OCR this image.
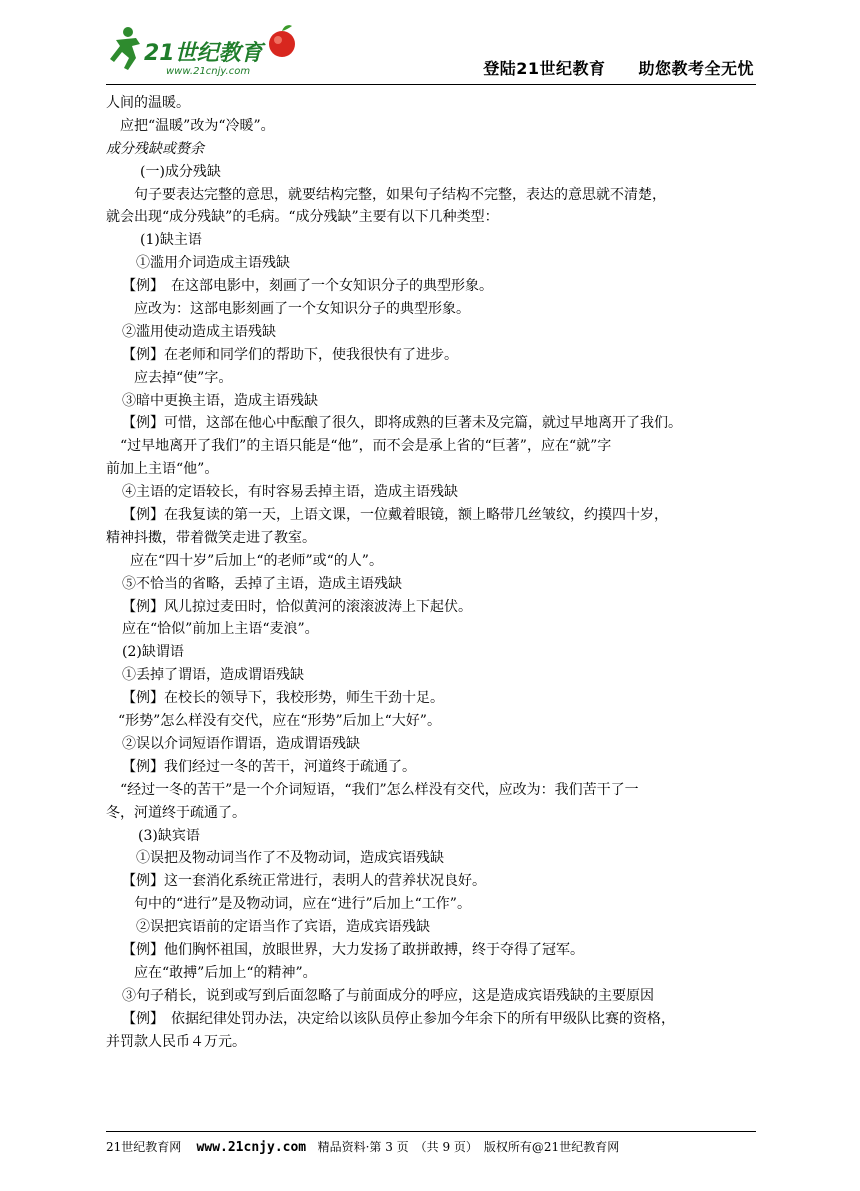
21世纪教育
www.21cnjy.com	登陆21世纪教育　　助您教考全无忧
人间的温暖。
应把“温暖”改为“冷暖”。
成分残缺或赘余
(一)成分残缺
句子要表达完整的意思，就要结构完整，如果句子结构不完整，表达的意思就不清楚，
就会出现“成分残缺”的毛病。“成分残缺”主要有以下几种类型：
(1)缺主语
①滥用介词造成主语残缺
【例】　在这部电影中，刻画了一个女知识分子的典型形象。
应改为：这部电影刻画了一个女知识分子的典型形象。
②滥用使动造成主语残缺
【例】在老师和同学们的帮助下，使我很快有了进步。
应去掉“使”字。
③暗中更换主语，造成主语残缺
【例】可惜，这部在他心中酝酿了很久，即将成熟的巨著未及完篇，就过早地离开了我们。
“过早地离开了我们”的主语只能是“他”，而不会是承上省的“巨著”，应在“就”字
前加上主语“他”。
④主语的定语较长，有时容易丢掉主语，造成主语残缺
【例】在我复读的第一天，上语文课，一位戴着眼镜，额上略带几丝皱纹，约摸四十岁，
精神抖擞，带着微笑走进了教室。
应在“四十岁”后加上“的老师”或“的人”。
⑤不恰当的省略，丢掉了主语，造成主语残缺
【例】风儿掠过麦田时，恰似黄河的滚滚波涛上下起伏。
应在“恰似”前加上主语“麦浪”。
(2)缺谓语
①丢掉了谓语，造成谓语残缺
【例】在校长的领导下，我校形势，师生干劲十足。
“形势”怎么样没有交代，应在“形势”后加上“大好”。
②误以介词短语作谓语，造成谓语残缺
【例】我们经过一冬的苦干，河道终于疏通了。
“经过一冬的苦干”是一个介词短语，“我们”怎么样没有交代，应改为：我们苦干了一
冬，河道终于疏通了。
(3)缺宾语
①误把及物动词当作了不及物动词，造成宾语残缺
【例】这一套消化系统正常进行，表明人的营养状况良好。
句中的“进行”是及物动词，应在“进行”后加上“工作”。
②误把宾语前的定语当作了宾语，造成宾语残缺
【例】他们胸怀祖国，放眼世界，大力发扬了敢拼敢搏，终于夺得了冠军。
应在“敢搏”后加上“的精神”。
③句子稍长，说到或写到后面忽略了与前面成分的呼应，这是造成宾语残缺的主要原因
【例】　依据纪律处罚办法，决定给以该队员停止参加今年余下的所有甲级队比赛的资格，
并罚款人民币４万元。
21世纪教育网 www.21cnjy.com 精品资料·第 3 页　（共 9 页）　版权所有@21世纪教育网
